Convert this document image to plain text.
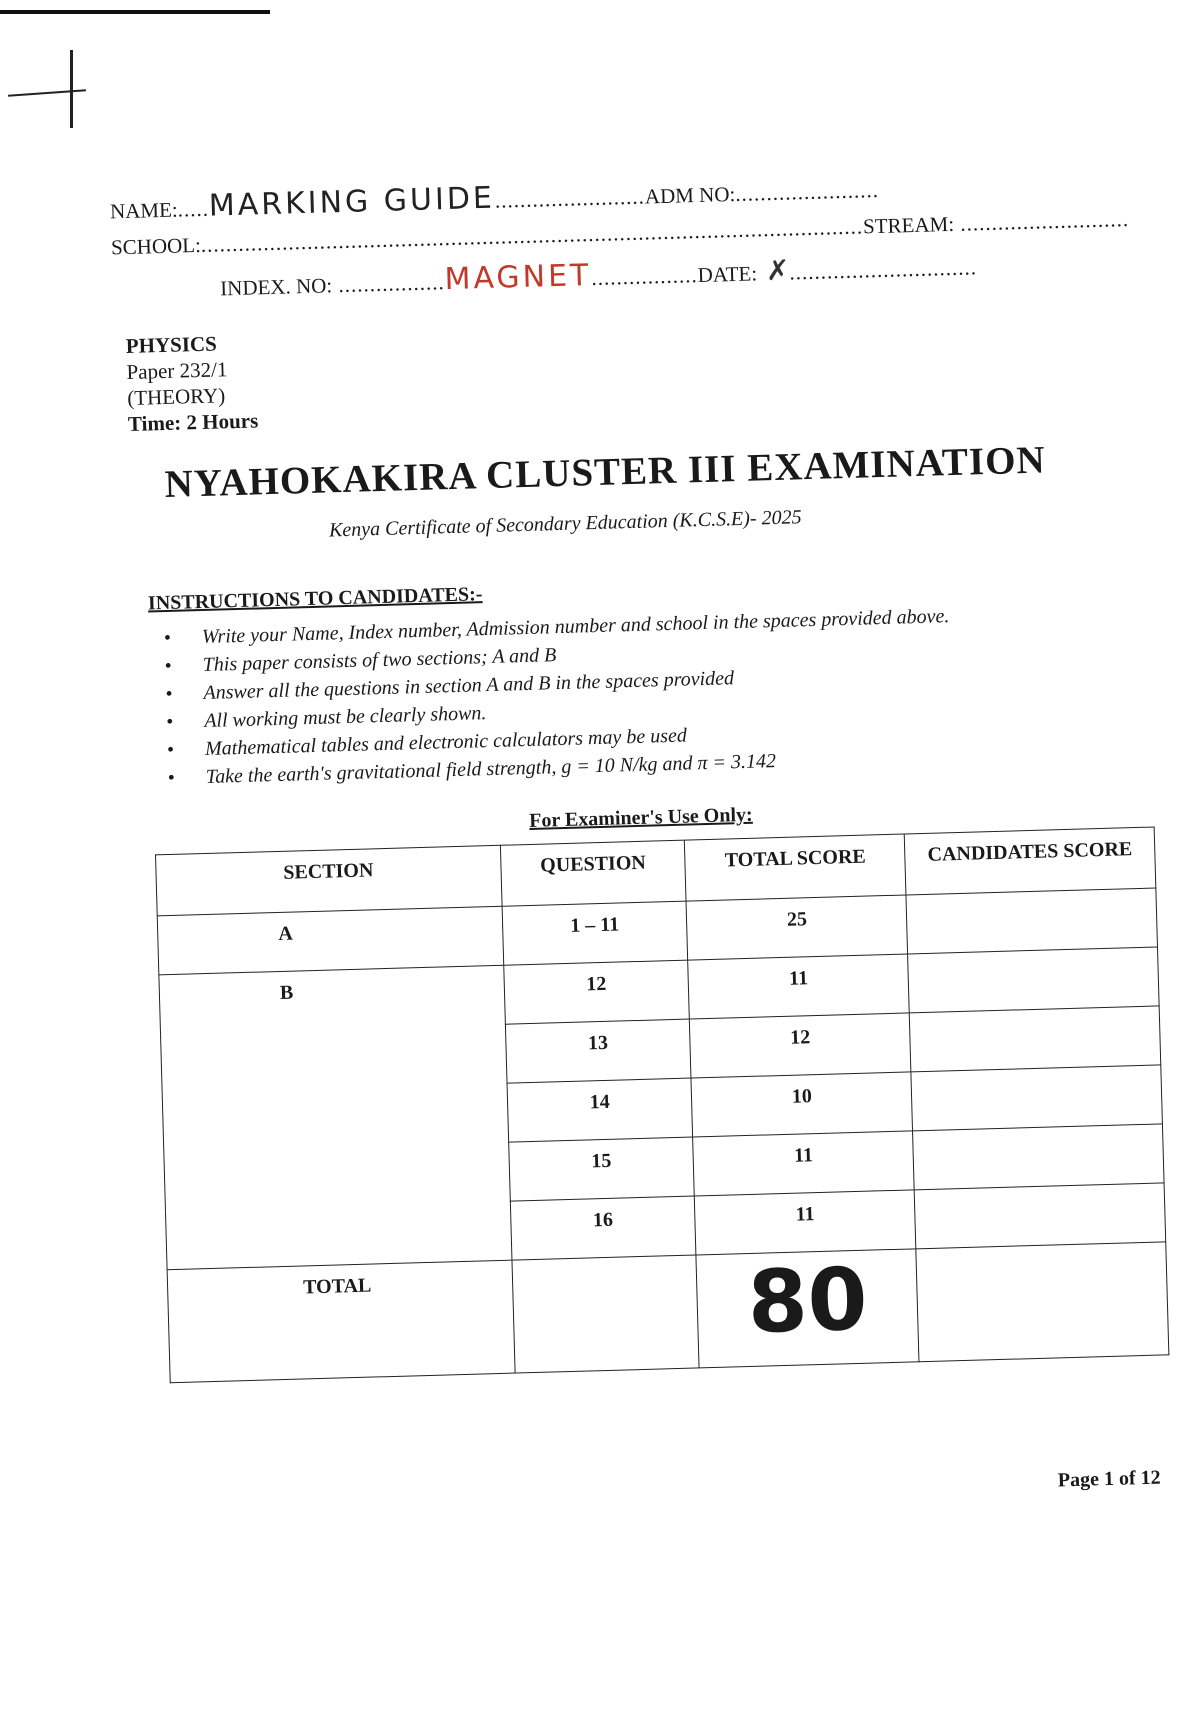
NAME:.....MARKING GUIDE........................ADM NO:.......................
SCHOOL:..........................................................................................................STREAM: ...........................
INDEX. NO: .................MAGNET.................DATE: ✗..............................
PHYSICS
Paper 232/1
(THEORY)
Time: 2 Hours
NYAHOKAKIRA CLUSTER III EXAMINATION
Kenya Certificate of Secondary Education (K.C.S.E)- 2025
INSTRUCTIONS TO CANDIDATES:-
• Write your Name, Index number, Admission number and school in the spaces provided above.
• This paper consists of two sections; A and B
• Answer all the questions in section A and B in the spaces provided
• All working must be clearly shown.
• Mathematical tables and electronic calculators may be used
• Take the earth's gravitational field strength, g = 10 N/kg and π = 3.142
For Examiner's Use Only:
SECTION	QUESTION	TOTAL SCORE	CANDIDATES SCORE
A	1 – 11	25	
B	12	11	
	13	12	
	14	10	
	15	11	
	16	11	
TOTAL		80	
Page 1 of 12
